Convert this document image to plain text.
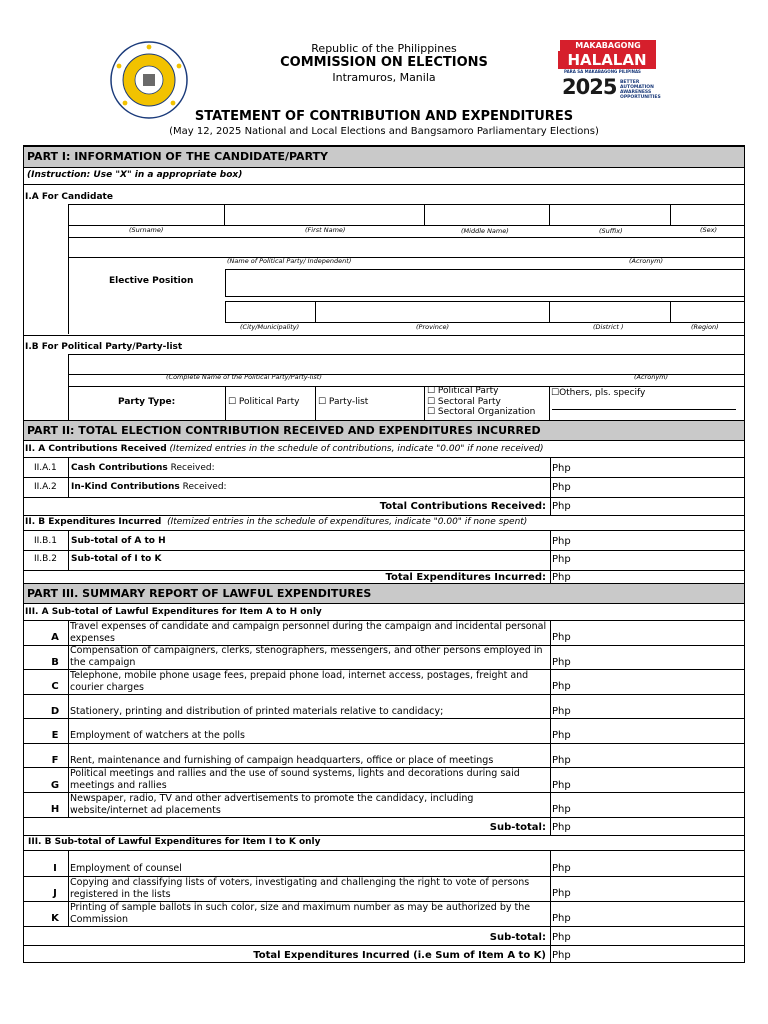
MAKABAGONG
HALALAN
PARA SA MAKABAGONG PILIPINAS
2025 BETTER
AUTOMATION
AWARENESS
OPPORTUNITIES
Republic of the Philippines
COMMISSION ON ELECTIONS
Intramuros, Manila
STATEMENT OF CONTRIBUTION AND EXPENDITURES
(May 12, 2025 National and Local Elections and Bangsamoro Parliamentary Elections)
PART I: INFORMATION OF THE CANDIDATE/PARTY
(Instruction: Use "X" in a appropriate box)
I.A For Candidate
(Surname)	(First Name)	(Middle Name)	(Suffix)	(Sex)
(Name of Political Party/ Independent)	(Acronym)
Elective Position
(City/Municipality)	(Province)	(District )	(Region)
I.B For Political Party/Party-list
(Complete Name of the Political Party/Party-list)	(Acronym)
Party Type:	☐ Political Party ☐ Party-list
☐ Political Party
☐ Sectoral Party
☐ Sectoral Organization
☐Others, pls. specify
PART II: TOTAL ELECTION CONTRIBUTION RECEIVED AND EXPENDITURES INCURRED
II. A Contributions Received (Itemized entries in the schedule of contributions, indicate "0.00" if none received)
II.A.1 Cash Contributions Received:	Php
II.A.2 In-Kind Contributions Received:	Php
Total Contributions Received: Php
II. B Expenditures Incurred (Itemized entries in the schedule of expenditures, indicate "0.00" if none spent)
II.B.1 Sub-total of A to H	Php
II.B.2 Sub-total of I to K	Php
Total Expenditures Incurred: Php
PART III. SUMMARY REPORT OF LAWFUL EXPENDITURES
III. A Sub-total of Lawful Expenditures for Item A to H only
A
Travel expenses of candidate and campaign personnel during the campaign and incidental personal expenses	Php
B
Compensation of campaigners, clerks, stenographers, messengers, and other persons employed in the campaign	Php
C
Telephone, mobile phone usage fees, prepaid phone load, internet access, postages, freight and courier charges	Php
D	Stationery, printing and distribution of printed materials relative to candidacy;	Php
E	Employment of watchers at the polls	Php
F	Rent, maintenance and furnishing of campaign headquarters, office or place of meetings	Php
G
Political meetings and rallies and the use of sound systems, lights and decorations during said meetings and rallies	Php
H
Newspaper, radio, TV and other advertisements to promote the candidacy, including website/internet ad placements	Php
Sub-total: Php
III. B Sub-total of Lawful Expenditures for Item I to K only
I	Employment of counsel	Php
J
Copying and classifying lists of voters, investigating and challenging the right to vote of persons registered in the lists	Php
K
Printing of sample ballots in such color, size and maximum number as may be authorized by the Commission	Php
Sub-total: Php
Total Expenditures Incurred (i.e Sum of Item A to K) Php
